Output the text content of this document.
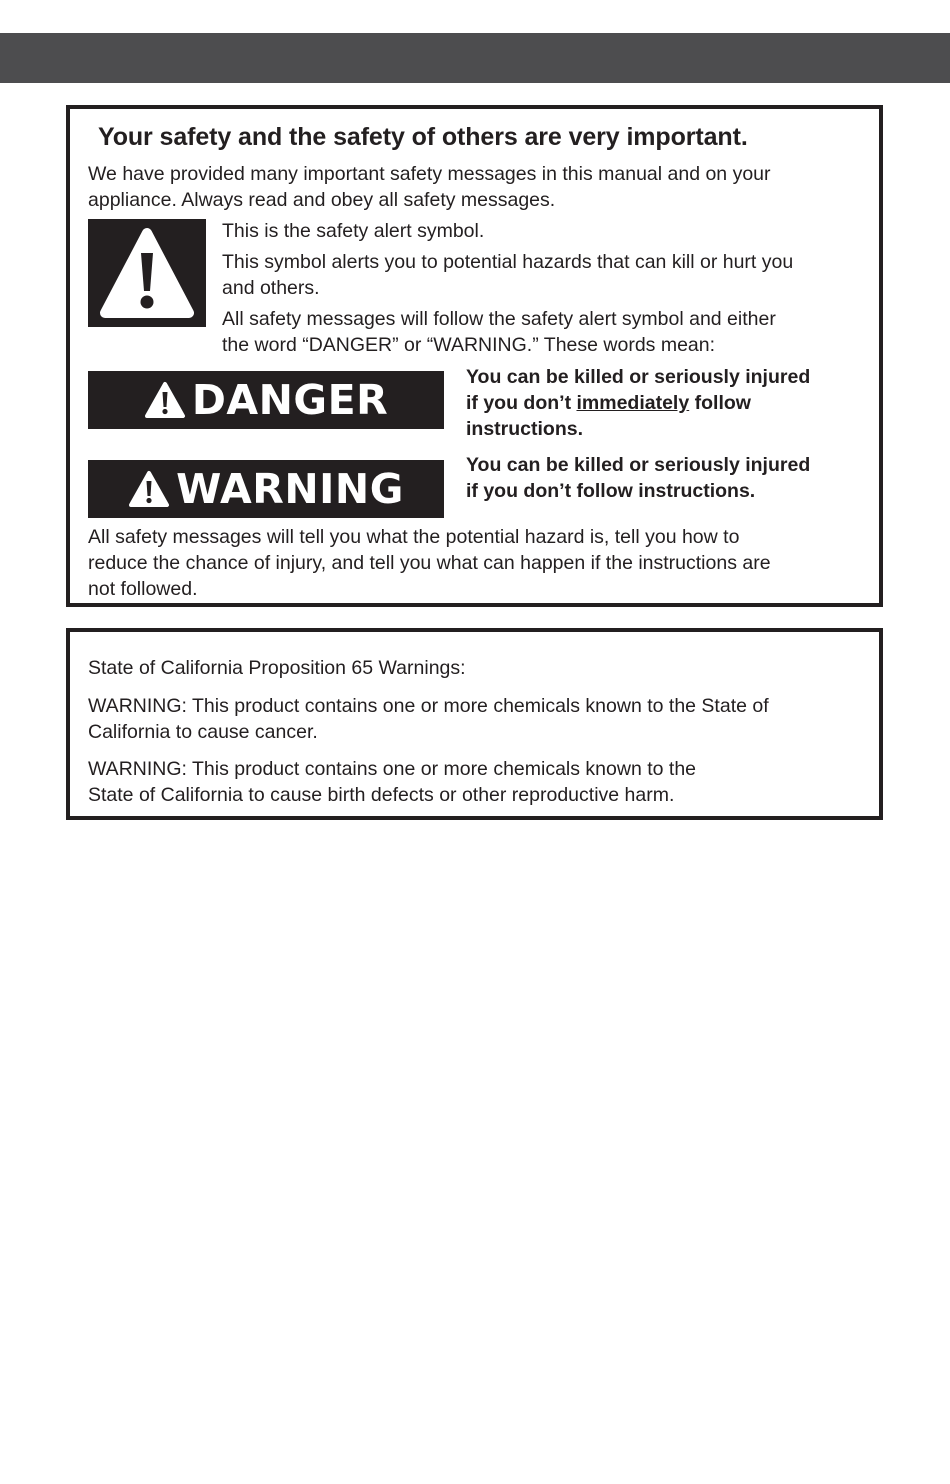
Your safety and the safety of others are very important.
We have provided many important safety messages in this manual and on your
appliance. Always read and obey all safety messages.
This is the safety alert symbol.
This symbol alerts you to potential hazards that can kill or hurt you
and others.
All safety messages will follow the safety alert symbol and either
the word “DANGER” or “WARNING.” These words mean:
DANGER	You can be killed or seriously injured
if you don’t immediately follow
instructions.
WARNING	You can be killed or seriously injured
if you don’t follow instructions.
All safety messages will tell you what the potential hazard is, tell you how to
reduce the chance of injury, and tell you what can happen if the instructions are
not followed.
State of California Proposition 65 Warnings:
WARNING: This product contains one or more chemicals known to the State of
California to cause cancer.
WARNING: This product contains one or more chemicals known to the
State of California to cause birth defects or other reproductive harm.
